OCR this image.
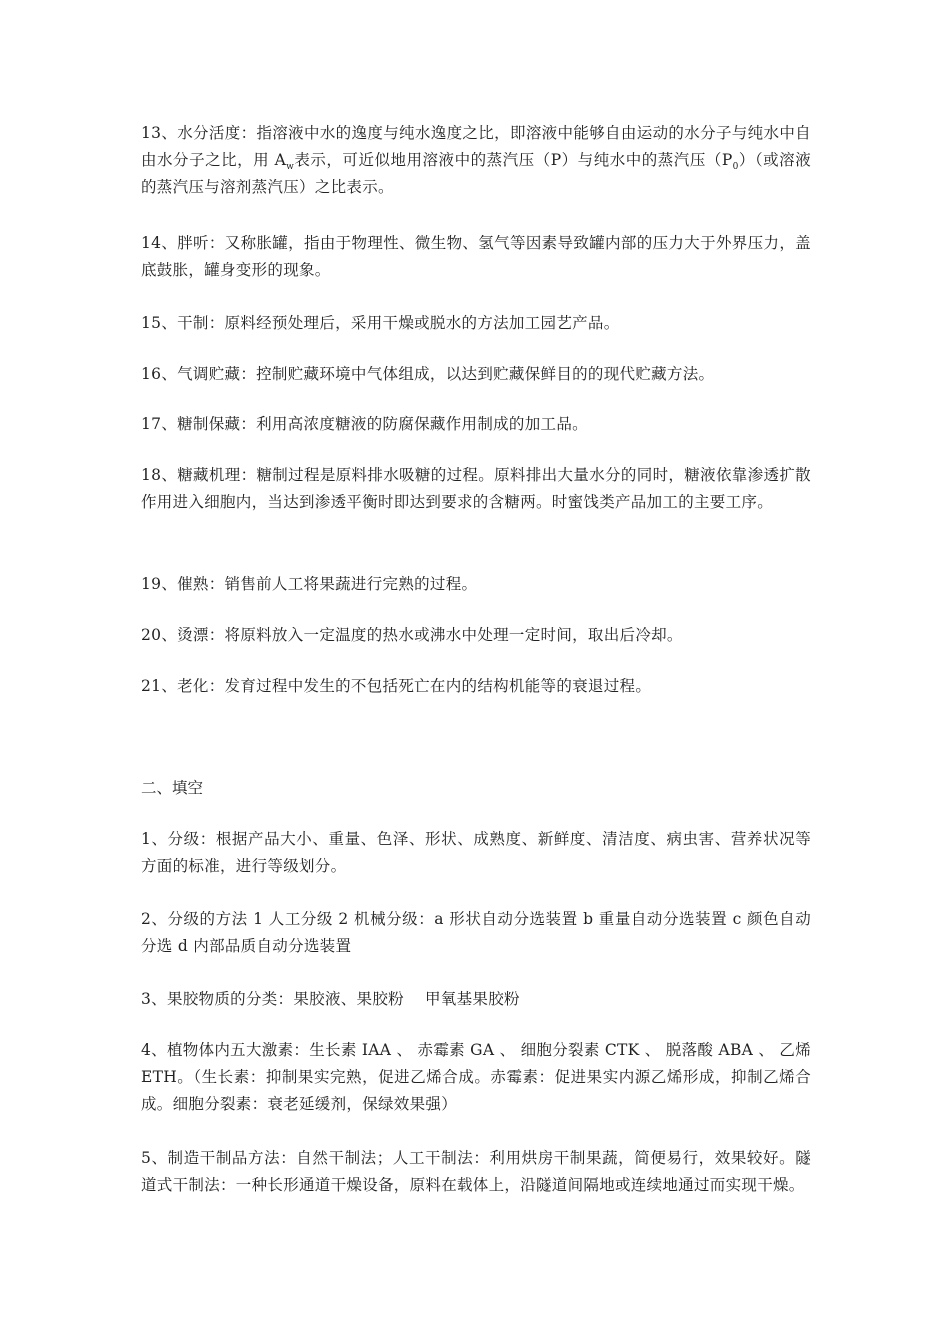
13、水分活度：指溶液中水的逸度与纯水逸度之比，即溶液中能够自由运动的水分子与纯水中自由水分子之比，用 $A_w$表示，可近似地用溶液中的蒸汽压（P）与纯水中的蒸汽压$(P_0)$（或溶液的蒸汽压与溶剂蒸汽压）之比表示。
14、胖听：又称胀罐，指由于物理性、微生物、氢气等因素导致罐内部的压力大于外界压力，盖底鼓胀，罐身变形的现象。
15、干制：原料经预处理后，采用干燥或脱水的方法加工园艺产品。
16、气调贮藏：控制贮藏环境中气体组成，以达到贮藏保鲜目的的现代贮藏方法。
17、糖制保藏：利用高浓度糖液的防腐保藏作用制成的加工品。
18、糖藏机理：糖制过程是原料排水吸糖的过程。原料排出大量水分的同时，糖液依靠渗透扩散作用进入细胞内，当达到渗透平衡时即达到要求的含糖两。时蜜饯类产品加工的主要工序。
19、催熟：销售前人工将果蔬进行完熟的过程。
20、烫漂：将原料放入一定温度的热水或沸水中处理一定时间，取出后冷却。
21、老化：发育过程中发生的不包括死亡在内的结构机能等的衰退过程。
二、填空
1、分级：根据产品大小、重量、色泽、形状、成熟度、新鲜度、清洁度、病虫害、营养状况等方面的标准，进行等级划分。
2、分级的方法 1 人工分级 2 机械分级：a 形状自动分选装置 b 重量自动分选装置 c 颜色自动分选 d 内部品质自动分选装置
3、果胶物质的分类：果胶液、果胶粉　 甲氧基果胶粉
4、植物体内五大激素：生长素 IAA 、 赤霉素 GA 、 细胞分裂素 CTK 、 脱落酸 ABA 、 乙烯 ETH。（生长素：抑制果实完熟，促进乙烯合成。赤霉素：促进果实内源乙烯形成，抑制乙烯合成。细胞分裂素：衰老延缓剂，保绿效果强）
5、制造干制品方法：自然干制法；人工干制法：利用烘房干制果蔬，简便易行，效果较好。隧道式干制法：一种长形通道干燥设备，原料在载体上，沿隧道间隔地或连续地通过而实现干燥。
